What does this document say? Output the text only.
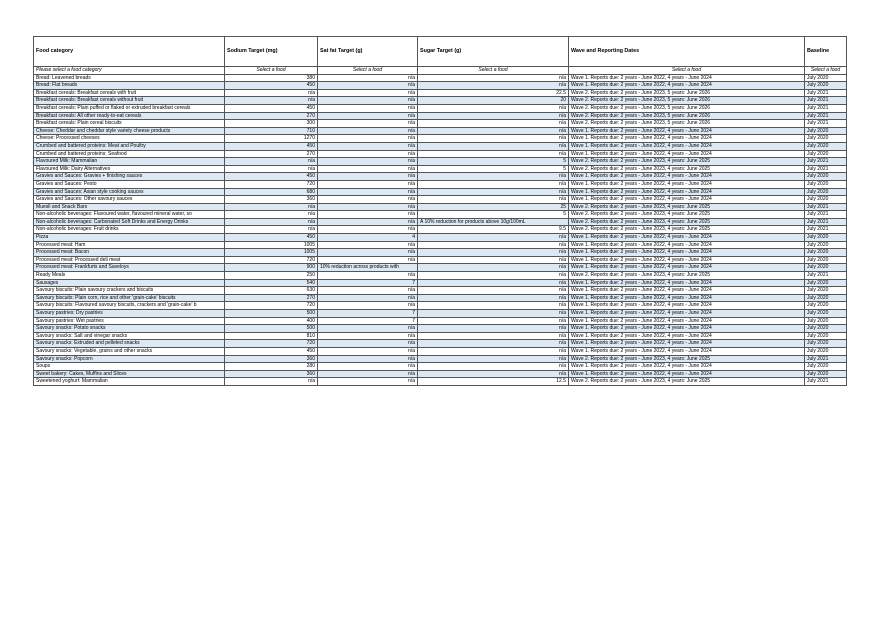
Food category	Sodium Target (mg)	Sat fat Target (g)	Sugar Target (g)	Wave and Reporting Dates	Baseline
Please select a food category	Select a food	Select a food	Select a food	Select a food	Select a food
Bread: Leavened breads	380	n/a	n/a	Wave 1. Reports due: 2 years - June 2022, 4 years - June 2024	July 2020
Bread: Flat breads	450	n/a	n/a	Wave 1. Reports due: 2 years - June 2022, 4 years - June 2024	July 2020
Breakfast cereals: Breakfast cereals with fruit	n/a	n/a	22.5	Wave 2. Reports due: 2 years - June 2023, 5 years: June 2026	July 2021
Breakfast cereals: Breakfast cereals without fruit	n/a	n/a	20	Wave 2. Reports due: 2 years - June 2023, 5 years: June 2026	July 2021
Breakfast cereals: Plain puffed or flaked or extruded breakfast cereals	450	n/a	n/a	Wave 2. Reports due: 2 years - June 2023, 5 years: June 2026	July 2021
Breakfast cereals: All other ready-to-eat cereals	270	n/a	n/a	Wave 2. Reports due: 2 years - June 2023, 5 years: June 2026	July 2021
Breakfast cereals: Plain cereal biscuits	300	n/a	n/a	Wave 2. Reports due: 2 years - June 2023, 5 years: June 2026	July 2021
Cheese: Cheddar and cheddar style variety cheese products	710	n/a	n/a	Wave 1. Reports due: 2 years - June 2022, 4 years - June 2024	July 2020
Cheese: Processed cheeses	1270	n/a	n/a	Wave 1. Reports due: 2 years - June 2022, 4 years - June 2024	July 2020
Crumbed and battered proteins: Meat and Poultry	450	n/a	n/a	Wave 1. Reports due: 2 years - June 2022, 4 years - June 2024	July 2020
Crumbed and battered proteins: Seafood	270	n/a	n/a	Wave 1. Reports due: 2 years - June 2022, 4 years - June 2024	July 2020
Flavoured Milk: Mammalian	n/a	n/a	5	Wave 2. Reports due: 2 years - June 2023, 4 years: June 2025	July 2021
Flavoured Milk: Dairy Alternatives	n/a	n/a	5	Wave 2. Reports due: 2 years - June 2023, 4 years: June 2025	July 2021
Gravies and Sauces: Gravies + finishing sauces	450	n/a	n/a	Wave 1. Reports due: 2 years - June 2022, 4 years - June 2024	July 2020
Gravies and Sauces: Pesto	720	n/a	n/a	Wave 1. Reports due: 2 years - June 2022, 4 years - June 2024	July 2020
Gravies and Sauces: Asian style cooking sauces	680	n/a	n/a	Wave 1. Reports due: 2 years - June 2022, 4 years - June 2024	July 2020
Gravies and Sauces: Other savoury sauces	360	n/a	n/a	Wave 1. Reports due: 2 years - June 2022, 4 years - June 2024	July 2020
Muesli and Snack Bars	n/a	n/a	25	Wave 2. Reports due: 2 years - June 2023, 4 years: June 2025	July 2021
Non-alcoholic beverages: Flavoured water, flavoured mineral water, so	n/a	n/a	5	Wave 2. Reports due: 2 years - June 2023, 4 years: June 2025	July 2021
Non-alcoholic beverages: Carbonated Soft Drinks and Energy Drinks	n/a	n/a	A 10% reduction for products above 10g/100mL	Wave 2. Reports due: 2 years - June 2023, 4 years: June 2025	July 2021
Non-alcoholic beverages: Fruit drinks	n/a	n/a	9.5	Wave 2. Reports due: 2 years - June 2023, 4 years: June 2025	July 2021
Pizza	450	4	n/a	Wave 1. Reports due: 2 years - June 2022, 4 years - June 2024	July 2020
Processed meat: Ham	1005	n/a	n/a	Wave 1. Reports due: 2 years - June 2022, 4 years - June 2024	July 2020
Processed meat: Bacon	1005	n/a	n/a	Wave 1. Reports due: 2 years - June 2022, 4 years - June 2024	July 2020
Processed meat: Processed deli meat	720	n/a	n/a	Wave 1. Reports due: 2 years - June 2022, 4 years - June 2024	July 2020
Processed meat: Frankfurts and Saveloys	900	10% reduction across products with	n/a	Wave 1. Reports due: 2 years - June 2022, 4 years - June 2024	July 2020
Ready Meals	250	n/a	n/a	Wave 2. Reports due: 2 years - June 2023, 4 years: June 2025	July 2021
Sausages	540	7	n/a	Wave 1. Reports due: 2 years - June 2022, 4 years - June 2024	July 2020
Savoury biscuits: Plain savoury crackers and biscuits	630	n/a	n/a	Wave 1. Reports due: 2 years - June 2022, 4 years - June 2024	July 2020
Savoury biscuits: Plain corn, rice and other 'grain-cake' biscuits	270	n/a	n/a	Wave 1. Reports due: 2 years - June 2022, 4 years - June 2024	July 2020
Savoury biscuits: Flavoured savoury biscuits, crackers and 'grain-cake' b	720	n/a	n/a	Wave 1. Reports due: 2 years - June 2022, 4 years - June 2024	July 2020
Savoury pastries: Dry pastries	500	7	n/a	Wave 1. Reports due: 2 years - June 2022, 4 years - June 2024	July 2020
Savoury pastries: Wet pastries	400	7	n/a	Wave 1. Reports due: 2 years - June 2022, 4 years - June 2024	July 2020
Savoury snacks: Potato snacks	500	n/a	n/a	Wave 1. Reports due: 2 years - June 2022, 4 years - June 2024	July 2020
Savoury snacks: Salt and vinegar snacks	810	n/a	n/a	Wave 1. Reports due: 2 years - June 2022, 4 years - June 2024	July 2020
Savoury snacks: Extruded and pelleted snacks	720	n/a	n/a	Wave 1. Reports due: 2 years - June 2022, 4 years - June 2024	July 2020
Savoury snacks: Vegetable, grains and other snacks	450	n/a	n/a	Wave 1. Reports due: 2 years - June 2022, 4 years - June 2024	July 2020
Savoury snacks: Popcorn	360	n/a	n/a	Wave 2. Reports due: 2 years - June 2023, 4 years: June 2025	July 2021
Soups	280	n/a	n/a	Wave 1. Reports due: 2 years - June 2022, 4 years - June 2024	July 2020
Sweet bakery: Cakes, Muffins and Slices	360	n/a	n/a	Wave 1. Reports due: 2 years - June 2022, 4 years - June 2024	July 2020
Sweetened yoghurt: Mammalian	n/a	n/a	12.5	Wave 2. Reports due: 2 years - June 2023, 4 years: June 2025	July 2021
